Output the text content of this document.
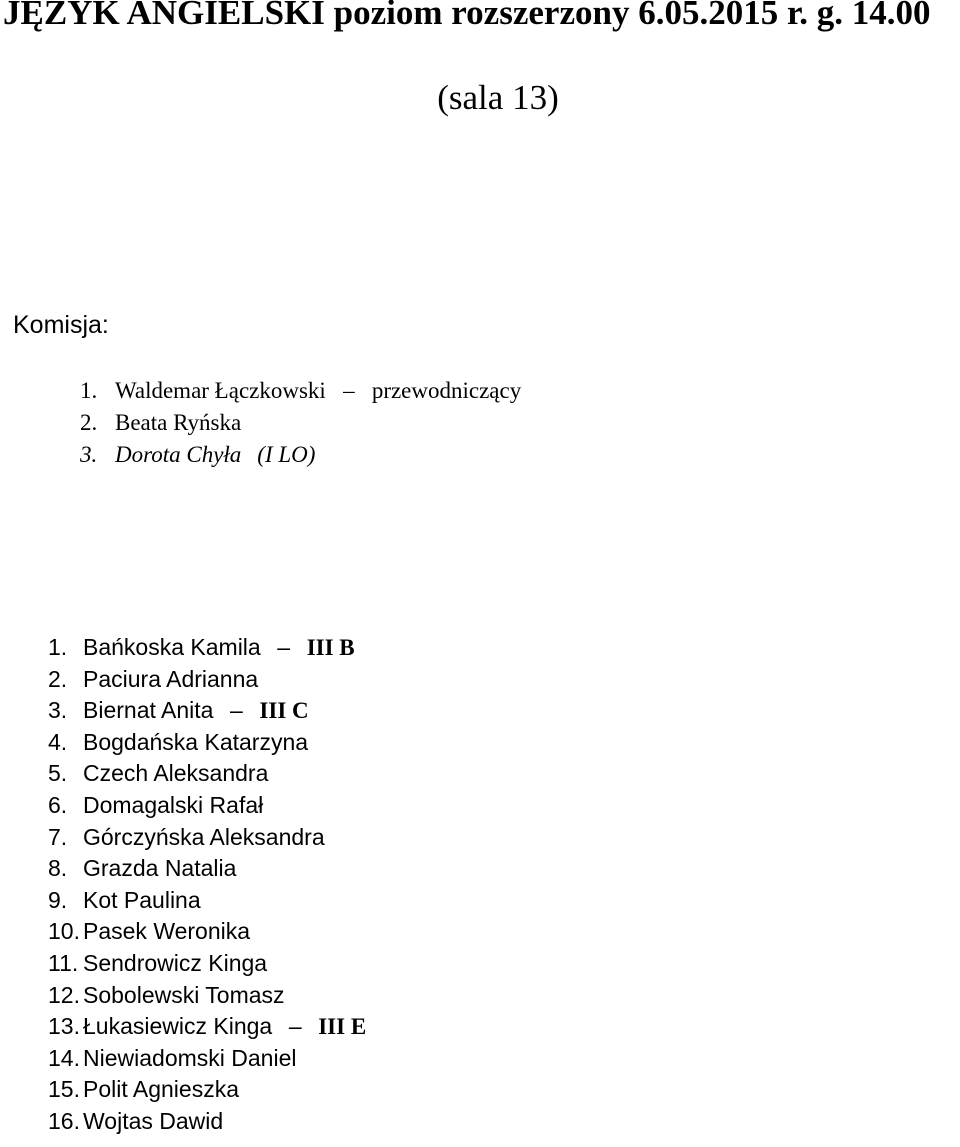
JĘZYK ANGIELSKI poziom rozszerzony 6.05.2015 r. g. 14.00

(sala 13)

Komisja:

1. Waldemar Łączkowski – przewodniczący
2. Beata Ryńska
3. Dorota Chyła (I LO)
1. Bańkoska Kamila – III B
2. Paciura Adrianna
3. Biernat Anita – III C
4. Bogdańska Katarzyna
5. Czech Aleksandra
6. Domagalski Rafał
7. Górczyńska Aleksandra
8. Grazda Natalia
9. Kot Paulina
10. Pasek Weronika
11. Sendrowicz Kinga
12. Sobolewski Tomasz
13. Łukasiewicz Kinga – III E
14. Niewiadomski Daniel
15. Polit Agnieszka
16. Wojtas Dawid
